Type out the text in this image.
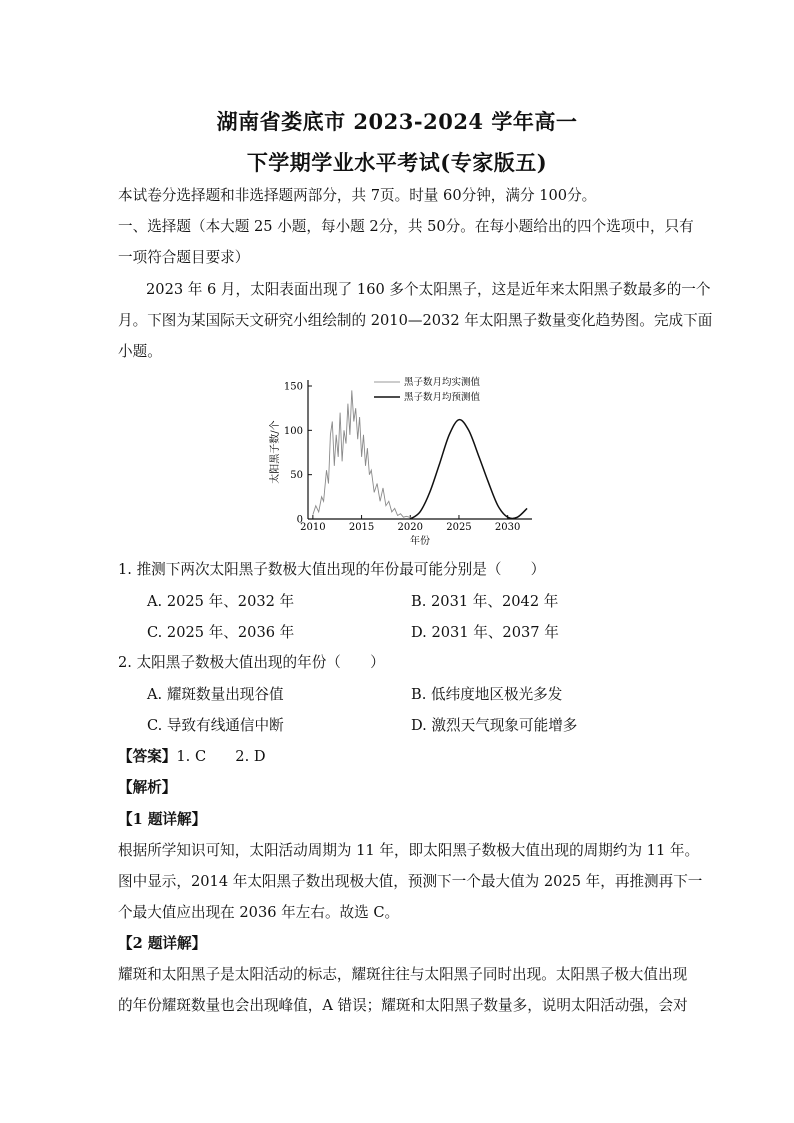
湖南省娄底市 2023-2024 学年高一
下学期学业水平考试(专家版五)
本试卷分选择题和非选择题两部分，共 7页。时量 60分钟，满分 100分。
一、选择题（本大题 25 小题，每小题 2分，共 50分。在每小题给出的四个选项中，只有
一项符合题目要求）
2023 年 6 月，太阳表面出现了 160 多个太阳黑子，这是近年来太阳黑子数最多的一个
月。下图为某国际天文研究小组绘制的 2010—2032 年太阳黑子数量变化趋势图。完成下面
小题。
0
50
100
150
2010 2015 2020 2025 2030
太阳黑子数/个
年份
黑子数月均实测值
黑子数月均预测值
1. 推测下两次太阳黑子数极大值出现的年份最可能分别是（　　）
A. 2025 年、2032 年	B. 2031 年、2042 年
C. 2025 年、2036 年	D. 2031 年、2037 年
2. 太阳黑子数极大值出现的年份（　　）
A. 耀斑数量出现谷值	B. 低纬度地区极光多发
C. 导致有线通信中断	D. 激烈天气现象可能增多
【答案】1. C　　2. D
【解析】
【1 题详解】
根据所学知识可知，太阳活动周期为 11 年，即太阳黑子数极大值出现的周期约为 11 年。
图中显示，2014 年太阳黑子数出现极大值，预测下一个最大值为 2025 年，再推测再下一
个最大值应出现在 2036 年左右。故选 C。
【2 题详解】
耀斑和太阳黑子是太阳活动的标志，耀斑往往与太阳黑子同时出现。太阳黑子极大值出现
的年份耀斑数量也会出现峰值，A 错误；耀斑和太阳黑子数量多，说明太阳活动强，会对
